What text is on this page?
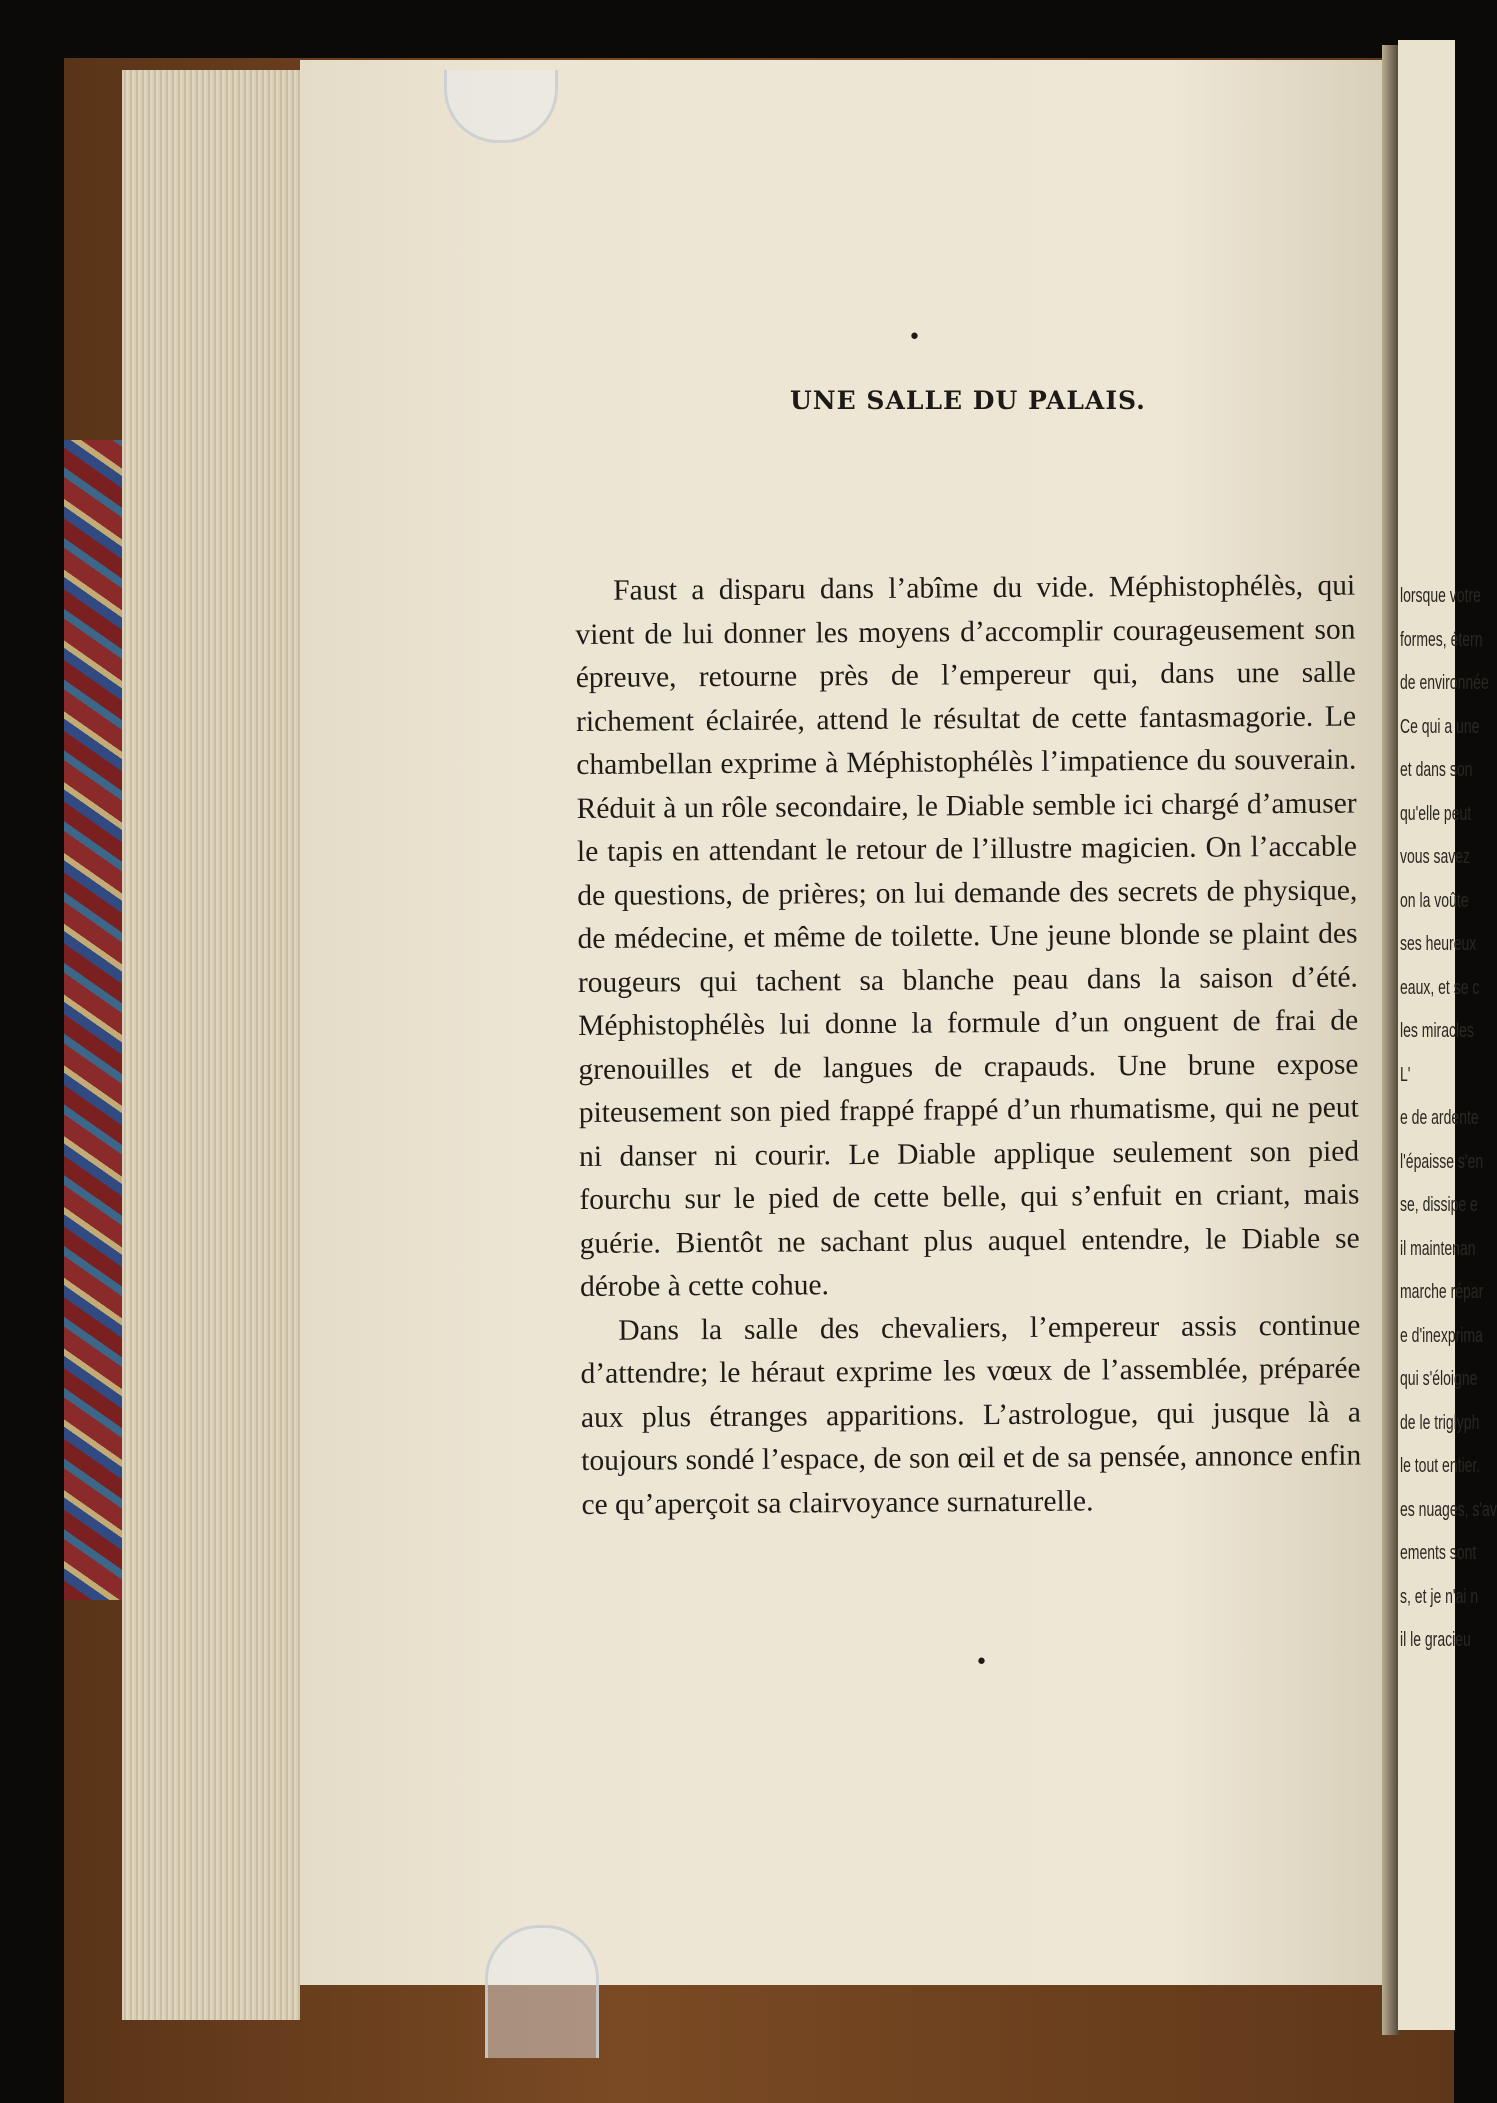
lorsque votre
formes, étern
de environnée
Ce qui a une
et dans son
qu'elle peut
vous savez
on la voûte
ses heureux
eaux, et se c
les miracles
L'
e de ardente
l'épaisse s'en
se, dissipe e
il maintenan
marche répar
e d'inexprima
qui s'éloigne
de le triglyph
le tout entier.
es nuages, s'av
ements sont
s, et je n'ai n
il le gracieu
UNE SALLE DU PALAIS.

Faust a disparu dans l’abîme du vide. Méphistophélès, qui vient de lui donner les moyens d’accomplir courageusement son épreuve, retourne près de l’empereur qui, dans une salle richement éclairée, attend le résultat de cette fantasmagorie. Le chambellan exprime à Méphistophélès l’impatience du souverain. Réduit à un rôle secondaire, le Diable semble ici chargé d’amuser le tapis en attendant le retour de l’illustre magicien. On l’accable de questions, de prières; on lui demande des secrets de physique, de médecine, et même de toilette. Une jeune blonde se plaint des rougeurs qui tachent sa blanche peau dans la saison d’été. Méphistophélès lui donne la formule d’un onguent de frai de grenouilles et de langues de crapauds. Une brune expose piteusement son pied frappé frappé d’un rhumatisme, qui ne peut ni danser ni courir. Le Diable applique seulement son pied fourchu sur le pied de cette belle, qui s’enfuit en criant, mais guérie. Bientôt ne sachant plus auquel entendre, le Diable se dérobe à cette cohue.

Dans la salle des chevaliers, l’empereur assis continue d’attendre; le héraut exprime les vœux de l’assemblée, préparée aux plus étranges apparitions. L’astrologue, qui jusque là a toujours sondé l’espace, de son œil et de sa pensée, annonce enfin ce qu’aperçoit sa clairvoyance surnaturelle.

•
•
